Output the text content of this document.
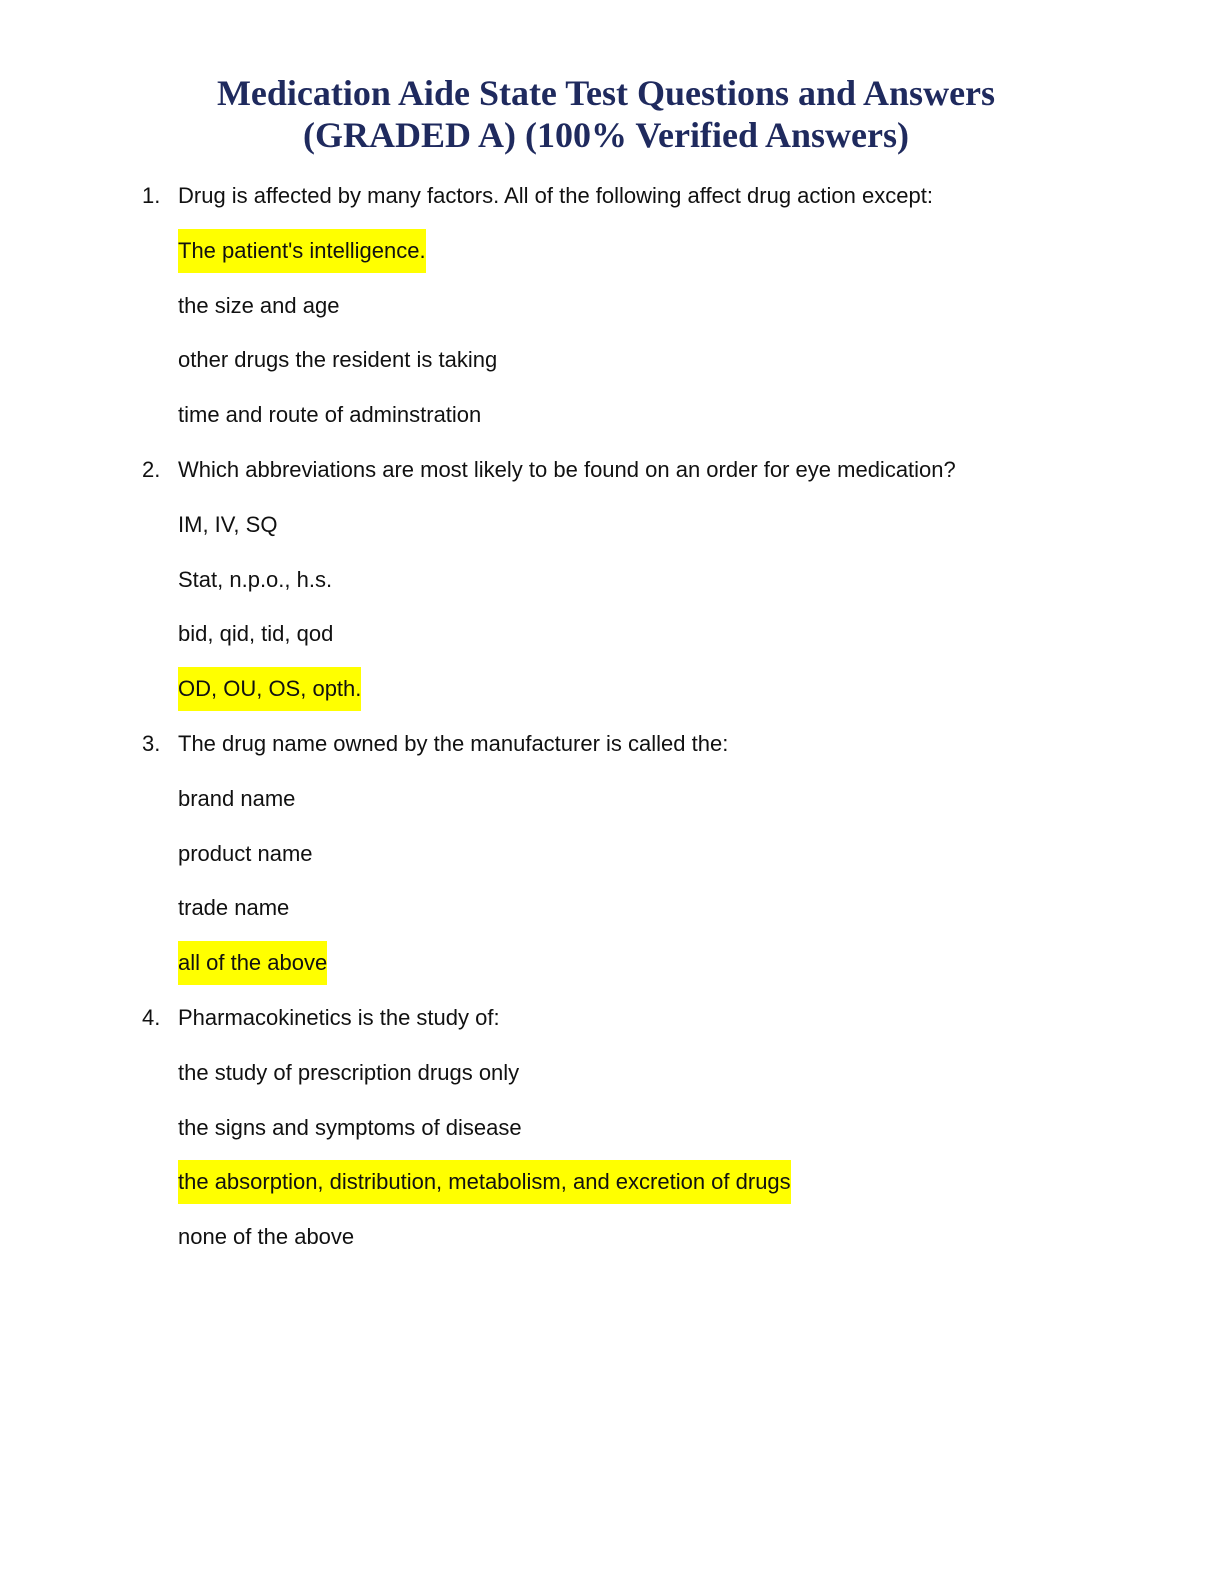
Medication Aide State Test Questions and Answers
(GRADED A) (100% Verified Answers)
1. Drug is affected by many factors. All of the following affect drug action except:
The patient's intelligence.
the size and age
other drugs the resident is taking
time and route of adminstration
2. Which abbreviations are most likely to be found on an order for eye medication?
IM, IV, SQ
Stat, n.p.o., h.s.
bid, qid, tid, qod
OD, OU, OS, opth.
3. The drug name owned by the manufacturer is called the:
brand name
product name
trade name
all of the above
4. Pharmacokinetics is the study of:
the study of prescription drugs only
the signs and symptoms of disease
the absorption, distribution, metabolism, and excretion of drugs
none of the above
